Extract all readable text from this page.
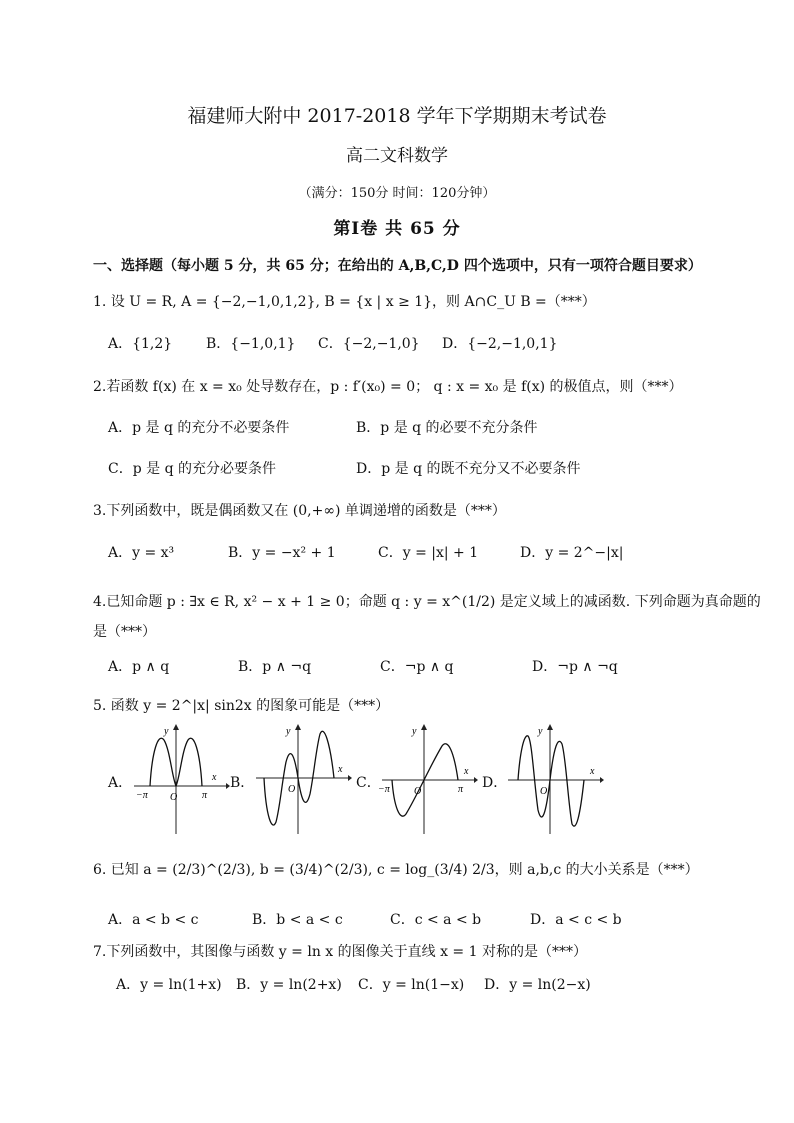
福建师大附中 2017-2018 学年下学期期末考试卷
高二文科数学
（满分：150分 时间：120分钟）
第Ⅰ卷 共 65 分
一、选择题（每小题 5 分，共 65 分；在给出的 A,B,C,D 四个选项中，只有一项符合题目要求）
1. 设 U = R, A = {−2,−1,0,1,2}, B = {x | x ≥ 1}，则 A∩C_U B =（***）
A．{1,2} B．{−1,0,1} C．{−2,−1,0} D．{−2,−1,0,1}
2.若函数 f(x) 在 x = x₀ 处导数存在，p : f′(x₀) = 0； q : x = x₀ 是 f(x) 的极值点，则（***）
A．p 是 q 的充分不必要条件	B．p 是 q 的必要不充分条件
C．p 是 q 的充分必要条件	D．p 是 q 的既不充分又不必要条件
3.下列函数中，既是偶函数又在 (0,+∞) 单调递增的函数是（***）
A．y = x³	B．y = −x² + 1	C．y = |x| + 1	D．y = 2^−|x|
4.已知命题 p : ∃x ∈ R, x² − x + 1 ≥ 0；命题 q : y = x^(1/2) 是定义域上的减函数. 下列命题为真命题的
是（***）
A．p ∧ q	B．p ∧ ¬q	C．¬p ∧ q	D．¬p ∧ ¬q
5. 函数 y = 2^|x| sin2x 的图象可能是（***）
A．
y
x
O
−π	π
B．
y
x
O	C．
y
x
O
−π	π D．
y
x
O
6. 已知 a = (2/3)^(2/3), b = (3/4)^(2/3), c = log_(3/4) 2/3，则 a,b,c 的大小关系是（***）
A．a < b < c	B．b < a < c	C．c < a < b	D．a < c < b
7.下列函数中，其图像与函数 y = ln x 的图像关于直线 x = 1 对称的是（***）
A．y = ln(1+x) B．y = ln(2+x) C．y = ln(1−x) D．y = ln(2−x)
